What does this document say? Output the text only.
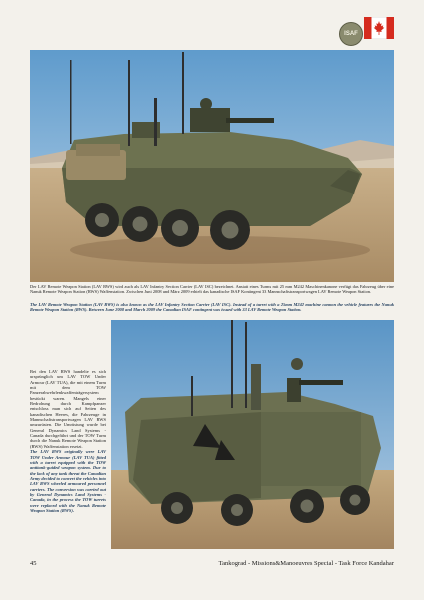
ISAF

Der LAV Remote Weapon Station (LAV RWS) wird auch als LAV Infantry Section Carrier (LAV ISC) bezeichnet. Anstatt eines Turms mit 25 mm M242 Maschinenkanone verfügt das Fahrzeug über eine Nanuk Remote Weapon Station (RWS) Waffenstation. Zwischen Juni 2008 und März 2009 erhielt das kanadische ISAF Kontingent 33 Mannschaftstransportwagen LAV Remote Weapon Station.

The LAV Remote Weapon Station (LAV RWS) is also known as the LAV Infantry Section Carrier (LAV ISC). Instead of a turret with a 25mm M242 machine cannon the vehicle features the Nanuk Remote Weapon Station (RWS). Between June 2008 and March 2009 the Canadian ISAF contingent was issued with 33 LAV Remote Weapon Station.

Bei den LAV RWS handelte es sich ursprünglich um LAV TOW Under Armour (LAV TUA), die mit einem Turm mit dem TOW Panzerabwehrlenkwaffenträgersystem bestückt waren. Mangels einer Bedrohung durch Kampfpanzer entschloss man sich auf Seiten des kanadischen Heeres, die Fahrzeuge in Mannschaftstransportwagen LAV RWS umzurüsten. Die Umrüstung wurde bei General Dynamics Land Systems - Canada durchgeführt und der TOW Turm durch die Nanuk Remote Weapon Station (RWS) Waffenstation ersetzt.

The LAV RWS originally were LAV TOW Under Armour (LAV TUA) fitted with a turret equipped with the TOW antitank-guided weapon system. Due to the lack of any tank threat the Canadian Army decided to convert the vehicles into LAV RWS wheeled armoured personnel carriers. The conversion was carried out by General Dynamics Land Systems - Canada, in the process the TOW turrets were replaced with the Nanuk Remote Weapon Station (RWS).

45	Tankograd - Missions&Manoeuvres Special - Task Force Kandahar
